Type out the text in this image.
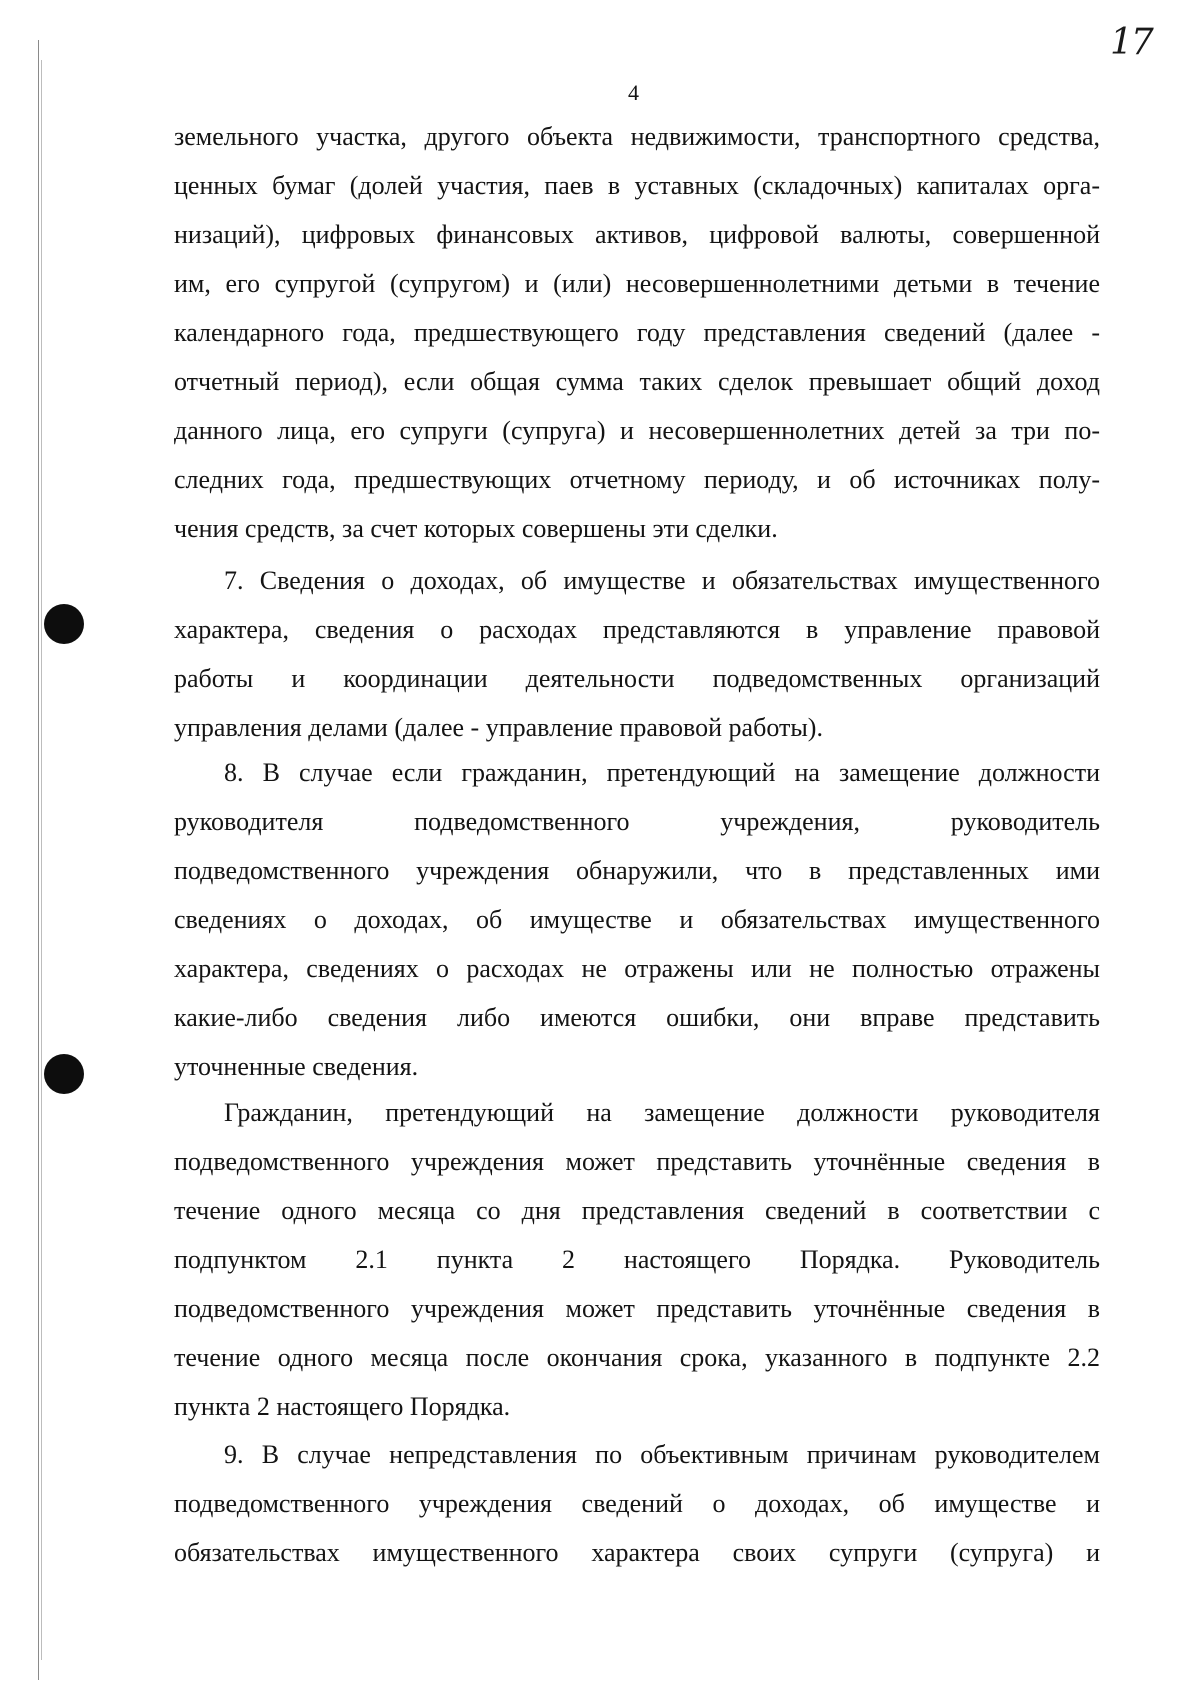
17
4
земельного участка, другого объекта недвижимости, транспортного средства,
ценных бумаг (долей участия, паев в уставных (складочных) капиталах орга-
низаций), цифровых финансовых активов, цифровой валюты, совершенной
им, его супругой (супругом) и (или) несовершеннолетними детьми в течение
календарного года, предшествующего году представления сведений (далее -
отчетный период), если общая сумма таких сделок превышает общий доход
данного лица, его супруги (супруга) и несовершеннолетних детей за три по-
следних года, предшествующих отчетному периоду, и об источниках полу-
чения средств, за счет которых совершены эти сделки.
7. Сведения о доходах, об имуществе и обязательствах имущественного
характера, сведения о расходах представляются в управление правовой
работы и координации деятельности подведомственных организаций
управления делами (далее - управление правовой работы).
8. В случае если гражданин, претендующий на замещение должности
руководителя подведомственного учреждения, руководитель
подведомственного учреждения обнаружили, что в представленных ими
сведениях о доходах, об имуществе и обязательствах имущественного
характера, сведениях о расходах не отражены или не полностью отражены
какие-либо сведения либо имеются ошибки, они вправе представить
уточненные сведения.
Гражданин, претендующий на замещение должности руководителя
подведомственного учреждения может представить уточнённые сведения в
течение одного месяца со дня представления сведений в соответствии с
подпунктом 2.1 пункта 2 настоящего Порядка. Руководитель
подведомственного учреждения может представить уточнённые сведения в
течение одного месяца после окончания срока, указанного в подпункте 2.2
пункта 2 настоящего Порядка.
9. В случае непредставления по объективным причинам руководителем
подведомственного учреждения сведений о доходах, об имуществе и
обязательствах имущественного характера своих супруги (супруга) и
